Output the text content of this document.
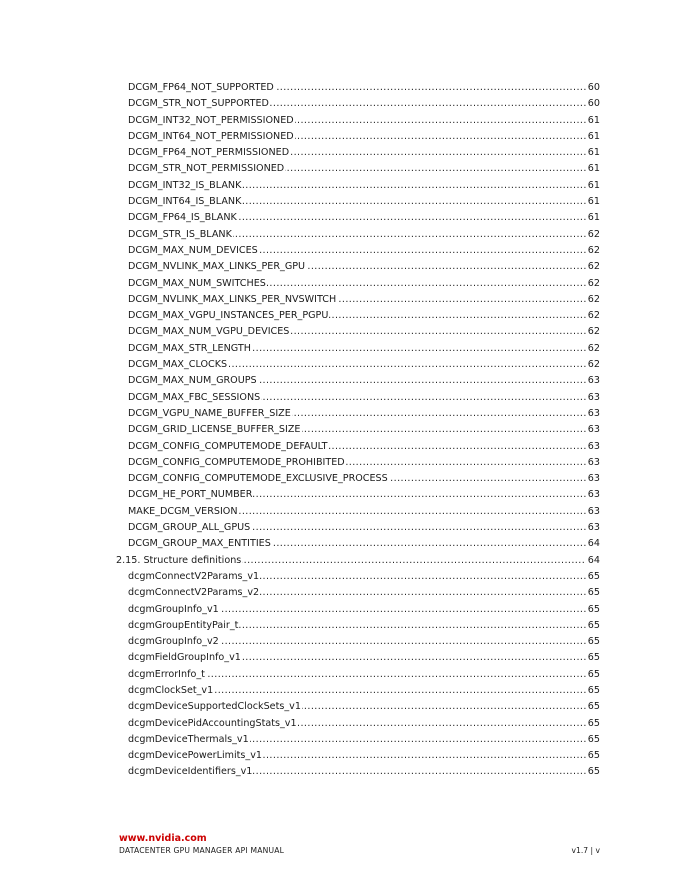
DCGM_FP64_NOT_SUPPORTED .....	60
DCGM_STR_NOT_SUPPORTED .....	60
DCGM_INT32_NOT_PERMISSIONED .....	61
DCGM_INT64_NOT_PERMISSIONED .....	61
DCGM_FP64_NOT_PERMISSIONED .....	61
DCGM_STR_NOT_PERMISSIONED .....	61
DCGM_INT32_IS_BLANK .....	61
DCGM_INT64_IS_BLANK .....	61
DCGM_FP64_IS_BLANK .....	61
DCGM_STR_IS_BLANK .....	62
DCGM_MAX_NUM_DEVICES .....	62
DCGM_NVLINK_MAX_LINKS_PER_GPU .....	62
DCGM_MAX_NUM_SWITCHES .....	62
DCGM_NVLINK_MAX_LINKS_PER_NVSWITCH .....	62
DCGM_MAX_VGPU_INSTANCES_PER_PGPU .....	62
DCGM_MAX_NUM_VGPU_DEVICES .....	62
DCGM_MAX_STR_LENGTH .....	62
DCGM_MAX_CLOCKS .....	62
DCGM_MAX_NUM_GROUPS .....	63
DCGM_MAX_FBC_SESSIONS .....	63
DCGM_VGPU_NAME_BUFFER_SIZE .....	63
DCGM_GRID_LICENSE_BUFFER_SIZE .....	63
DCGM_CONFIG_COMPUTEMODE_DEFAULT .....	63
DCGM_CONFIG_COMPUTEMODE_PROHIBITED .....	63
DCGM_CONFIG_COMPUTEMODE_EXCLUSIVE_PROCESS .....	63
DCGM_HE_PORT_NUMBER .....	63
MAKE_DCGM_VERSION .....	63
DCGM_GROUP_ALL_GPUS .....	63
DCGM_GROUP_MAX_ENTITIES .....	64
2.15. Structure definitions .....	64
dcgmConnectV2Params_v1 .....	65
dcgmConnectV2Params_v2 .....	65
dcgmGroupInfo_v1 .....	65
dcgmGroupEntityPair_t .....	65
dcgmGroupInfo_v2 .....	65
dcgmFieldGroupInfo_v1 .....	65
dcgmErrorInfo_t .....	65
dcgmClockSet_v1 .....	65
dcgmDeviceSupportedClockSets_v1 .....	65
dcgmDevicePidAccountingStats_v1 .....	65
dcgmDeviceThermals_v1 .....	65
dcgmDevicePowerLimits_v1 .....	65
dcgmDeviceIdentifiers_v1 .....	65
www.nvidia.com
DATACENTER GPU MANAGER API MANUAL	v1.7 | v
